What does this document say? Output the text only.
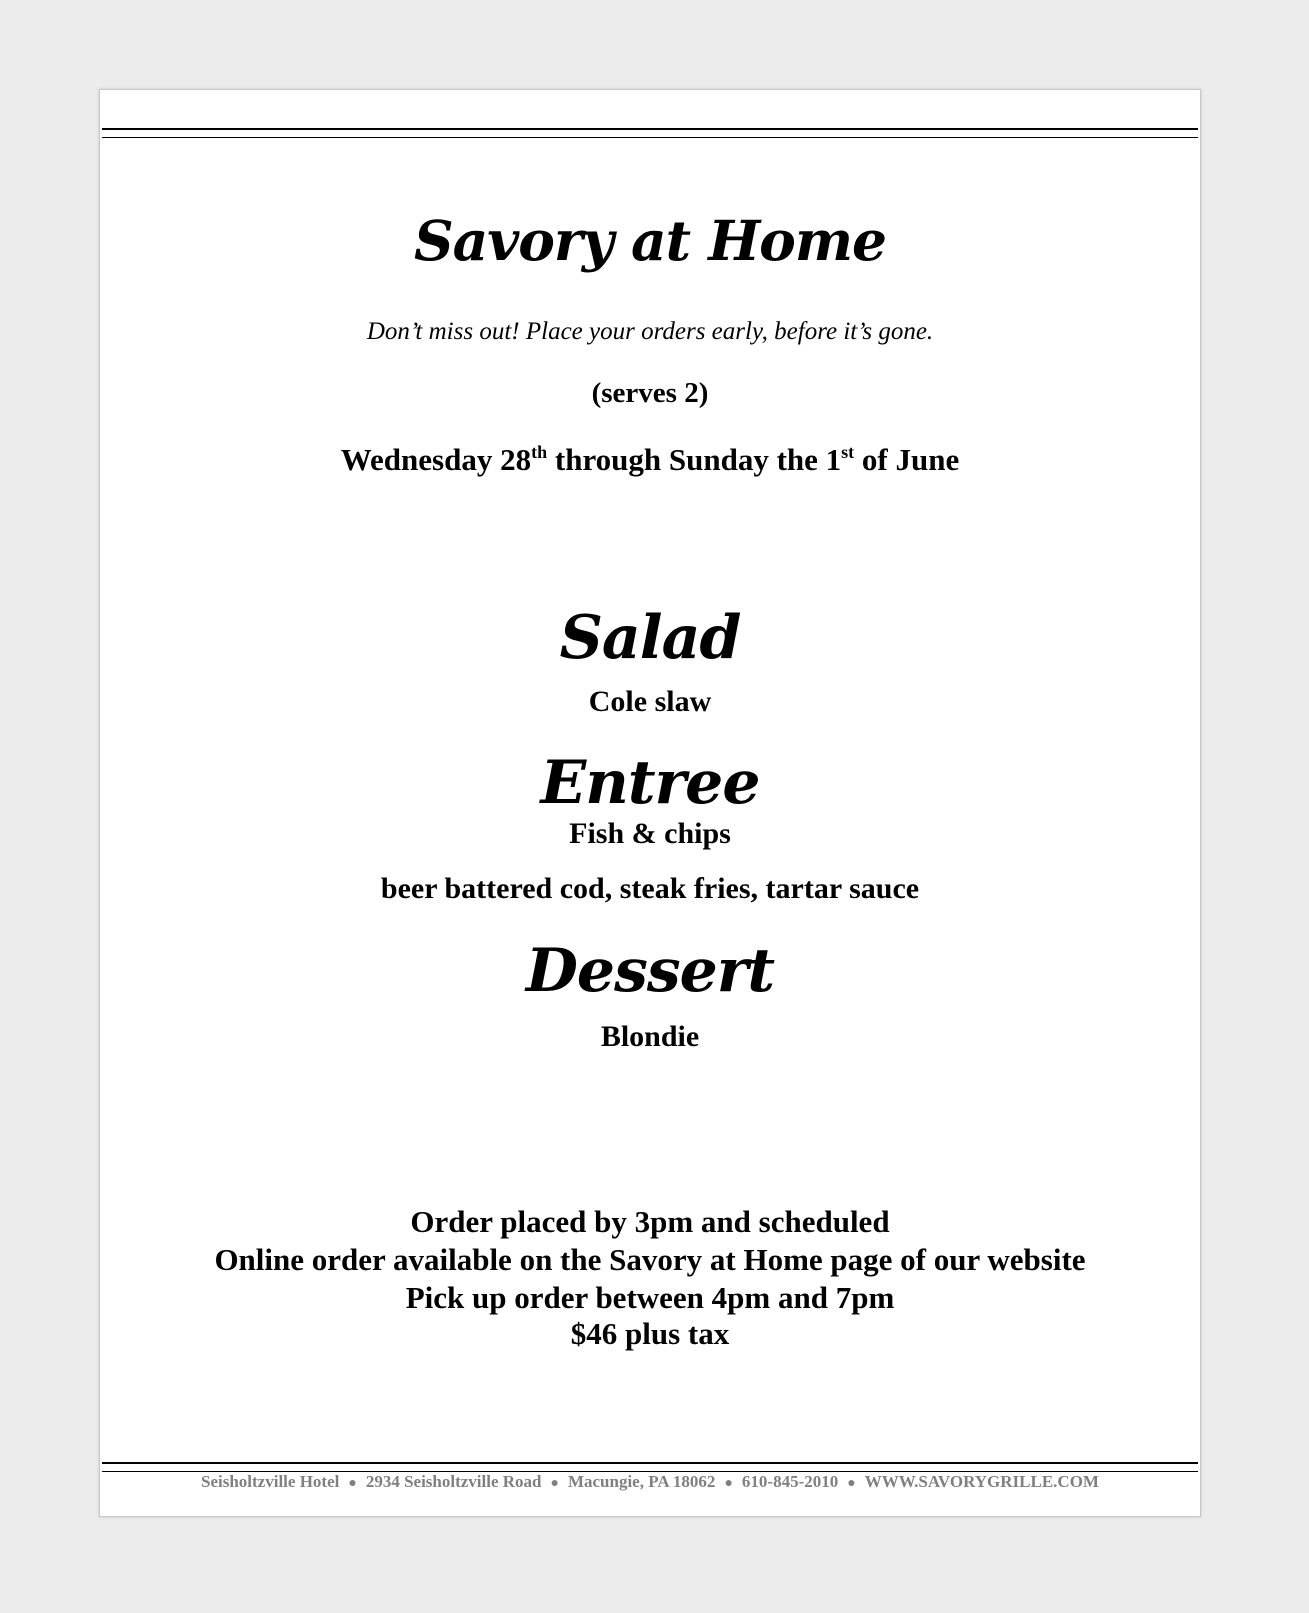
Savory at Home
Don’t miss out! Place your orders early, before it’s gone.
(serves 2)
Wednesday 28th through Sunday the 1st of June
Salad
Cole slaw
Entree
Fish & chips
beer battered cod, steak fries, tartar sauce
Dessert
Blondie
Order placed by 3pm and scheduled
Online order available on the Savory at Home page of our website
Pick up order between 4pm and 7pm
$46 plus tax
Seisholtzville Hotel ● 2934 Seisholtzville Road ● Macungie, PA 18062 ● 610-845-2010 ● WWW.SAVORYGRILLE.COM
